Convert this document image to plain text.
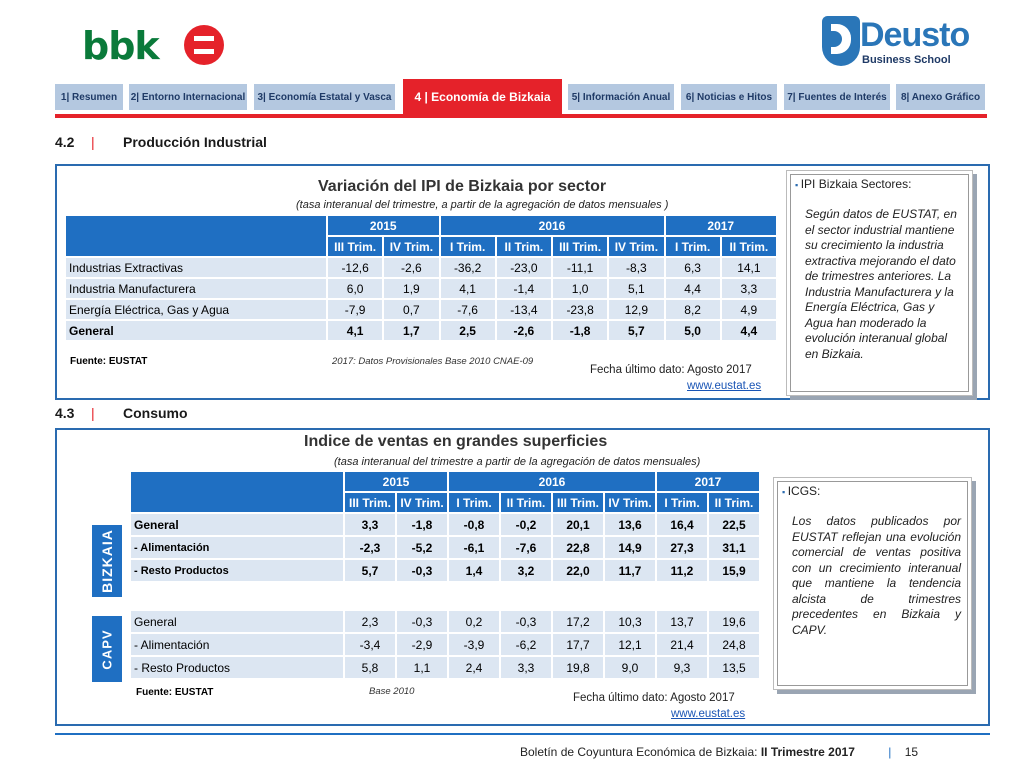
bbk	Deusto
Business School
1| Resumen	2| Entorno Internacional	3| Economía Estatal y Vasca	4 | Economía de Bizkaia	5| Información Anual	6| Noticias e Hitos	7| Fuentes de Interés	8| Anexo Gráfico
4.2 | Producción Industrial
Variación del IPI de Bizkaia por sector
(tasa interanual del trimestre, a partir de la agregación de datos mensuales )
	2015		2016				2017	
	III Trim.	IV Trim.	I Trim.	II Trim.	III Trim.	IV Trim.	I Trim.	II Trim.
Industrias Extractivas	-12,6	-2,6	-36,2	-23,0	-11,1	-8,3	6,3	14,1
Industria Manufacturera	6,0	1,9	4,1	-1,4	1,0	5,1	4,4	3,3
Energía Eléctrica, Gas y Agua	-7,9	0,7	-7,6	-13,4	-23,8	12,9	8,2	4,9
General	4,1	1,7	2,5	-2,6	-1,8	5,7	5,0	4,4
Fuente: EUSTAT	2017: Datos Provisionales Base 2010 CNAE-09
Fecha último dato: Agosto 2017
www.eustat.es
▪ IPI Bizkaia Sectores:
Según datos de EUSTAT, en el sector industrial mantiene su crecimiento la industria extractiva mejorando el dato de trimestres anteriores. La Industria Manufacturera y la Energía Eléctrica, Gas y Agua han moderado la evolución interanual global en Bizkaia.
4.3 | Consumo
Indice de ventas en grandes superficies
(tasa interanual del trimestre a partir de la agregación de datos mensuales)
	2015		2016				2017	
	III Trim.	IV Trim.	I Trim.	II Trim.	III Trim.	IV Trim.	I Trim.	II Trim.
General	3,3	-1,8	-0,8	-0,2	20,1	13,6	16,4	22,5
- Alimentación	-2,3	-5,2	-6,1	-7,6	22,8	14,9	27,3	31,1
- Resto Productos	5,7	-0,3	1,4	3,2	22,0	11,7	11,2	15,9
BIZKAIA
General	2,3	-0,3	0,2	-0,3	17,2	10,3	13,7	19,6
- Alimentación	-3,4	-2,9	-3,9	-6,2	17,7	12,1	21,4	24,8
- Resto Productos	5,8	1,1	2,4	3,3	19,8	9,0	9,3	13,5
CAPV
Fuente: EUSTAT	Base 2010
Fecha último dato: Agosto 2017
www.eustat.es
▪ ICGS:
Los datos publicados por EUSTAT reflejan una evolución comercial de ventas positiva con un crecimiento interanual que mantiene la tendencia alcista de trimestres precedentes en Bizkaia y CAPV.
Boletín de Coyuntura Económica de Bizkaia: II Trimestre 2017	| 15
